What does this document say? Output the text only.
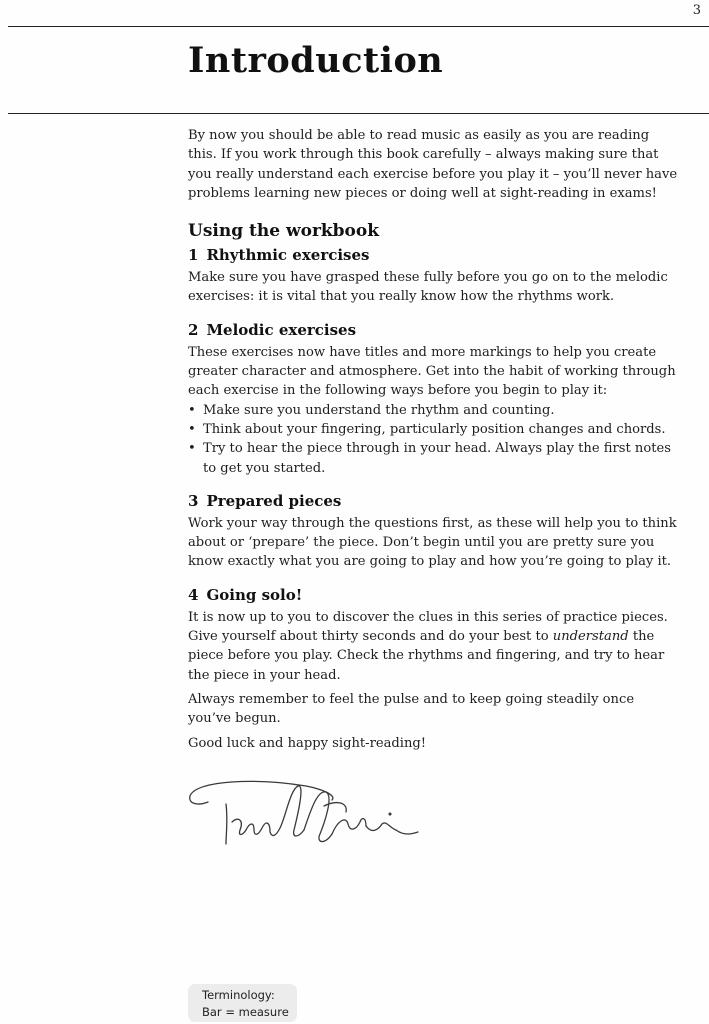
3
Introduction

By now you should be able to read music as easily as you are reading this. If you work through this book carefully – always making sure that you really understand each exercise before you play it – you’ll never have problems learning new pieces or doing well at sight-reading in exams!

Using the workbook
1 Rhythmic exercises

Make sure you have grasped these fully before you go on to the melodic exercises: it is vital that you really know how the rhythms work.

2 Melodic exercises

These exercises now have titles and more markings to help you create greater character and atmosphere. Get into the habit of working through each exercise in the following ways before you begin to play it:

• Make sure you understand the rhythm and counting.
• Think about your fingering, particularly position changes and chords.
• Try to hear the piece through in your head. Always play the first notes to get you started.
3 Prepared pieces

Work your way through the questions first, as these will help you to think about or ‘prepare’ the piece. Don’t begin until you are pretty sure you know exactly what you are going to play and how you’re going to play it.

4 Going solo!

It is now up to you to discover the clues in this series of practice pieces. Give yourself about thirty seconds and do your best to understand the piece before you play. Check the rhythms and fingering, and try to hear the piece in your head.

Always remember to feel the pulse and to keep going steadily once you’ve begun.

Good luck and happy sight-reading!

Terminology:
Bar = measure
